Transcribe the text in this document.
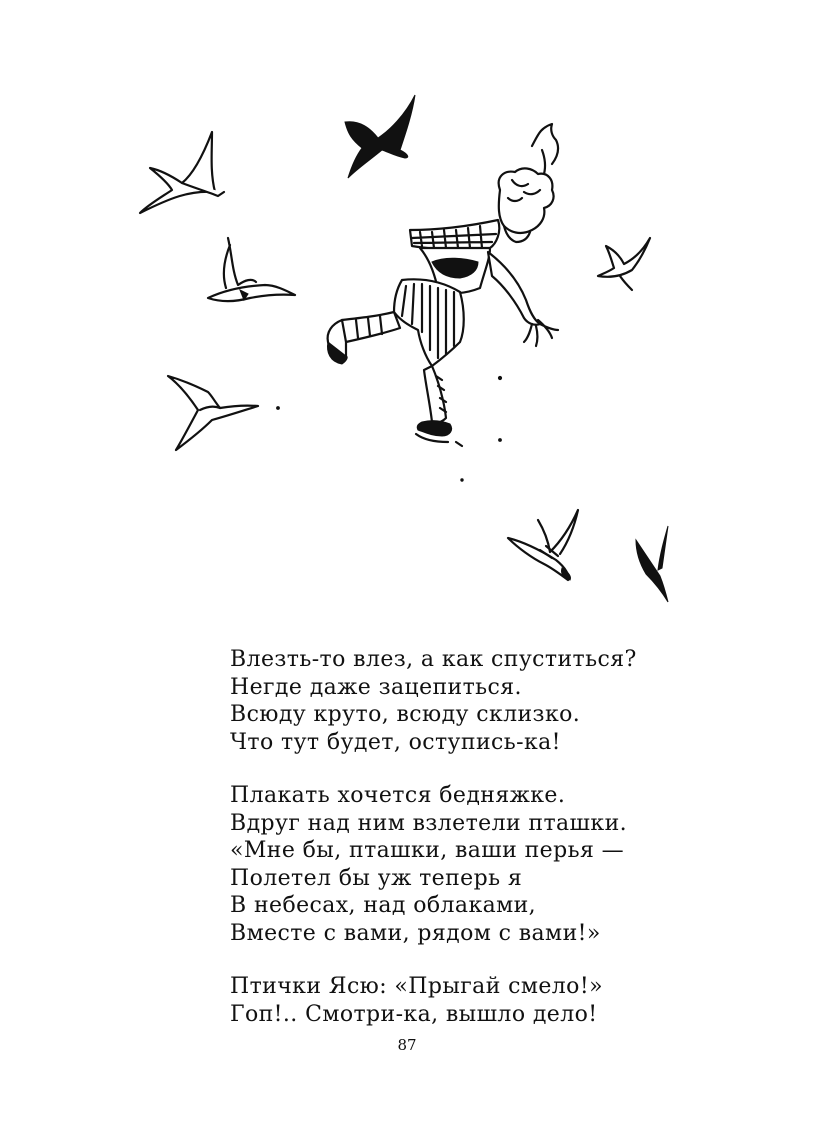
Влезть-то влез, а как спуститься?
Негде даже зацепиться.
Всюду круто, всюду склизко.
Что тут будет, оступись-ка!
Плакать хочется бедняжке.
Вдруг над ним взлетели пташки.
«Мне бы, пташки, ваши перья —
Полетел бы уж теперь я
В небесах, над облаками,
Вместе с вами, рядом с вами!»
Птички Ясю: «Прыгай смело!»
Гоп!.. Смотри-ка, вышло дело!
87
